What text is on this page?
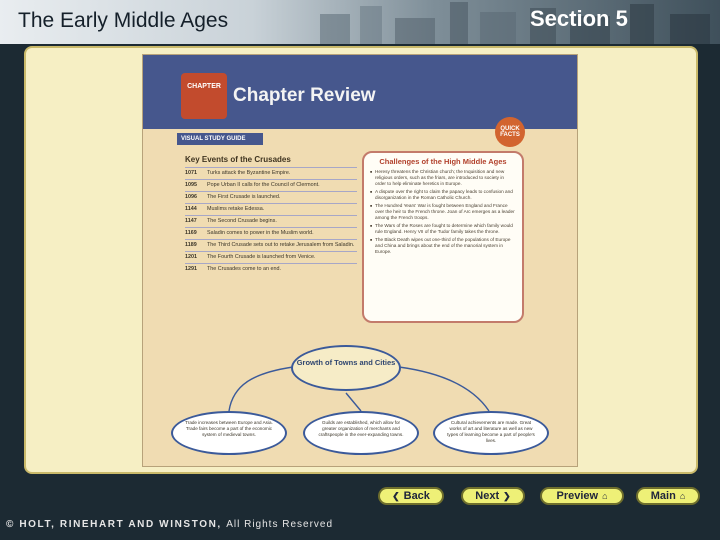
The Early Middle Ages	Section 5
CHAPTER Chapter Review
VISUAL STUDY GUIDE
QUICK FACTS
Key Events of the Crusades
1071	Turks attack the Byzantine Empire.
1095	Pope Urban II calls for the Council of Clermont.
1096	The First Crusade is launched.
1144	Muslims retake Edessa.
1147	The Second Crusade begins.
1169	Saladin comes to power in the Muslim world.
1189	The Third Crusade sets out to retake Jerusalem from Saladin.
1201	The Fourth Crusade is launched from Venice.
1291	The Crusades come to an end.
Challenges of the High Middle Ages
■ Heresy threatens the Christian church; the Inquisition and new religious orders, such as the friars, are introduced to society in order to help eliminate heretics in Europe.
■ A dispute over the right to claim the papacy leads to confusion and disorganization in the Roman Catholic Church.
■ The Hundred Years' War is fought between England and France over the heir to the French throne. Joan of Arc emerges as a leader among the French troops.
■ The Wars of the Roses are fought to determine which family would rule England. Henry VII of the Tudor family takes the throne.
■ The Black Death wipes out one-third of the populations of Europe and China and brings about the end of the manorial system in Europe.
Growth of Towns and Cities
Trade increases between Europe and Asia. Trade fairs become a part of the economic system of medieval towns.
Guilds are established, which allow for greater organization of merchants and craftspeople in the ever-expanding towns.
Cultural achievements are made. Great works of art and literature as well as new types of learning become a part of people's lives.
❮ Back	Next ❯	Preview ⌂	Main ⌂
© HOLT, RINEHART AND WINSTON, All Rights Reserved
